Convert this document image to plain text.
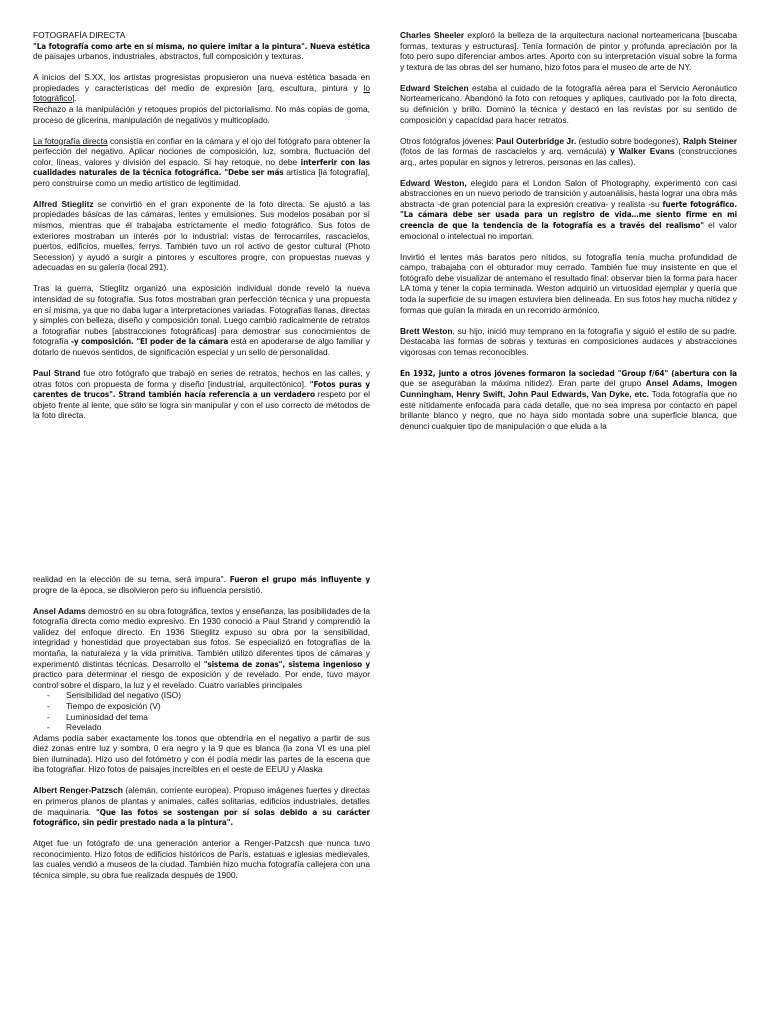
FOTOGRAFÍA DIRECTA

"La fotografía como arte en sí misma, no quiere imitar a la pintura". Nueva estética de paisajes urbanos, industriales, abstractos, full composición y texturas.

A inicios del S.XX, los artistas progresistas propusieron una nueva estética basada en propiedades y características del medio de expresión [arq, escultura, pintura y lo fotográfico].
Rechazo a la manipulación y retoques propios del pictorialismo. No más copias de goma, proceso de glicerina, manipulación de negativos y multicopiado.

La fotografía directa consistía en confiar en la cámara y el ojo del fotógrafo para obtener la perfección del negativo. Aplicar nociones de composición, luz, sombra, fluctuación del color, líneas, valores y división del espacio. Si hay retoque, no debe interferir con las cualidades naturales de la técnica fotográfica. "Debe ser más artística [la fotografía], pero construirse como un medio artístico de legitimidad.

Alfred Stieglitz se convirtió en el gran exponente de la foto directa. Se ajustó a las propiedades básicas de las cámaras, lentes y emulsiones. Sus modelos posaban por sí mismos, mientras que él trabajaba estrictamente el medio fotográfico. Sus fotos de exteriores mostraban un interés por lo industrial: vistas de ferrocarriles, rascacielos, puertos, edificios, muelles, ferrys. También tuvo un rol activo de gestor cultural (Photo Secession) y ayudó a surgir a pintores y escultores progre, con propuestas nuevas y adecuadas en su galería (local 291).

Tras la guerra, Stieglitz organizó una exposición individual donde reveló la nueva intensidad de su fotografía. Sus fotos mostraban gran perfección técnica y una propuesta en sí misma, ya que no daba lugar a interpretaciones variadas. Fotografías llanas, directas y simples con belleza, diseño y composición tonal. Luego cambió radicalmente de retratos a fotografiar nubes [abstracciones fotográficas] para demostrar sus conocimientos de fotografía -y composición. "El poder de la cámara está en apoderarse de algo familiar y dotarlo de nuevos sentidos, de significación especial y un sello de personalidad.

Paul Strand fue otro fotógrafo que trabajó en series de retratos, hechos en las calles, y otras fotos con propuesta de forma y diseño [industrial, arquitectónico]. "Fotos puras y carentes de trucos". Strand también hacía referencia a un verdadero respeto por el objeto frente al lente, que sólo se logra sin manipular y con el uso correcto de métodos de la foto directa.

Charles Sheeler exploró la belleza de la arquitectura nacional norteamericana [buscaba formas, texturas y estructuras]. Tenía formación de pintor y profunda apreciación por la foto pero supo diferenciar ambos artes. Aporto con su interpretación visual sobre la forma y textura de las obras del ser humano, hizo fotos para el museo de arte de NY.

Edward Steichen estaba al cuidado de la fotografía aérea para el Servicio Aeronáutico Norteamericano. Abandonó la foto con retoques y apliques, cautivado por la foto directa, su definición y brillo. Dominó la técnica y destacó en las revistas por su sentido de composición y capacidad para hacer retratos.

Otros fotógrafos jóvenes: Paul Outerbridge Jr. (estudio sobre bodegones), Ralph Steiner (fotos de las formas de rascacielos y arq. vernácula) y Walker Evans (construcciones arq., artes popular en signos y letreros, personas en las calles).

Edward Weston, elegido para el London Salon of Photography, experimentó con casi abstracciones en un nuevo periodo de transición y autoanálisis, hasta lograr una obra más abstracta -de gran potencial para la expresión creativa- y realista -su fuerte fotográfico. "La cámara debe ser usada para un registro de vida…me siento firme en mi creencia de que la tendencia de la fotografía es a través del realismo" el valor emocional o intelectual no importan.

Invirtió el lentes más baratos pero nítidos, su fotografía tenía mucha profundidad de campo, trabajaba con el obturador muy cerrado. También fue muy insistente en que el fotógrafo debe visualizar de antemano el resultado final: observar bien la forma para hacer LA toma y tener la copia terminada. Weston adquirió un virtuosidad ejemplar y quería que toda la superficie de su imagen estuviera bien delineada. En sus fotos hay mucha nitidez y formas que guían la mirada en un recorrido armónico.

Brett Weston, su hijo, inició muy temprano en la fotografía y siguió el estilo de su padre. Destacaba las formas de sobras y texturas en composiciones audaces y abstracciones vigorosas con temas reconocibles.

En 1932, junto a otros jóvenes formaron la sociedad "Group f/64" (abertura con la que se aseguraban la máxima nitidez). Eran parte del grupo Ansel Adams, Imogen Cunningham, Henry Swift, John Paul Edwards, Van Dyke, etc. Toda fotografía que no esté nítidamente enfocada para cada detalle, que no sea impresa por contacto en papel brillante blanco y negro, que no haya sido montada sobre una superficie blanca, que denunci cualquier tipo de manipulación o que eluda a la

realidad en la elección de su tema, será impura". Fueron el grupo más influyente y progre de la época, se disolvieron pero su influencia persistió.

Ansel Adams demostró en su obra fotográfica, textos y enseñanza, las posibilidades de la fotografía directa como medio expresivo. En 1930 conoció a Paul Strand y comprendió la validez del enfoque directo. En 1936 Stieglitz expuso su obra por la sensibilidad, integridad y honestidad que proyectaban sus fotos. Se especializó en fotografías de la montaña, la naturaleza y la vida primitiva. También utilizó diferentes tipos de cámaras y experimentó distintas técnicas. Desarrollo el "sistema de zonas", sistema ingenioso y practico para determinar el riesgo de exposición y de revelado. Por ende, tuvo mayor control sobre el disparo, la luz y el revelado. Cuatro variables principales

- Sensibilidad del negativo (ISO)
- Tiempo de exposición (V)
- Luminosidad del tema
- Revelado

Adams podía saber exactamente los tonos que obtendría en el negativo a partir de sus diez zonas entre luz y sombra, 0 era negro y la 9 que es blanca (la zona VI es una piel bien iluminada). Hizo uso del fotómetro y con él podía medir las partes de la escena que iba fotografiar. Hizo fotos de paisajes increíbles en el oeste de EEUU y Alaska

Albert Renger-Patzsch (alemán, corriente europea). Propuso imágenes fuertes y directas en primeros planos de plantas y animales, calles solitarias, edificios industriales, detalles de maquinaria. "Que las fotos se sostengan por sí solas debido a su carácter fotográfico, sin pedir prestado nada a la pintura".

Atget fue un fotógrafo de una generación anterior a Renger-Patzcsh que nunca tuvo reconocimiento. Hizo fotos de edificios históricos de París, estatuas e iglesias medievales, las cuales vendió a museos de la ciudad. También hizo mucha fotografía callejera con una técnica simple, su obra fue realizada después de 1900.
